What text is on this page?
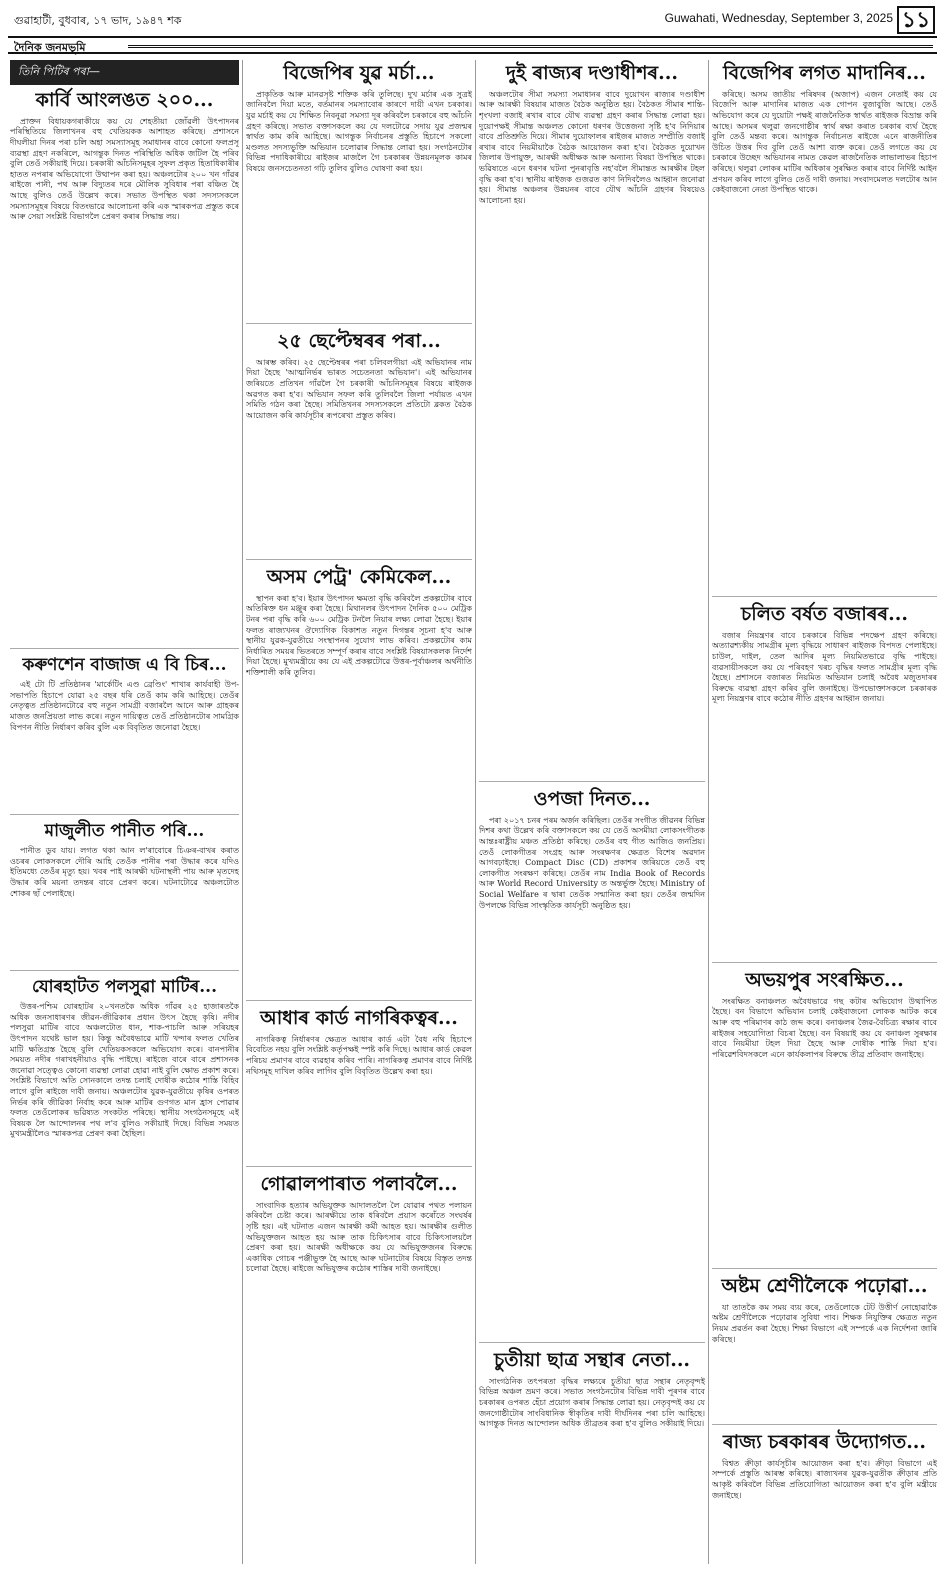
গুৱাহাটী, বুধবাৰ, ১৭ ভাদ, ১৯৪৭ শক	Guwahati, Wednesday, September 3, 2025 ১১
দৈনিক জনমভূমি
তিনি পিটিৰ পৰা—
কাৰ্বি আংলঙত ২০০...

প্ৰাক্তন বিধায়কগৰাকীয়ে কয় যে শেহতীয়া জোঁৱলী উৎপাদনৰ পৰিস্থিতিয়ে জিলাখনৰ বহু খেতিয়কক আশাহত কৰিছে। প্ৰশাসনে দীঘলীয়া দিনৰ পৰা চলি অহা সমস্যাসমূহ সমাধানৰ বাবে কোনো ফলপ্ৰসূ ব্যৱস্থা গ্ৰহণ নকৰিলে, আগন্তুক দিনত পৰিস্থিতি অধিক জটিল হৈ পৰিব বুলি তেওঁ সকীয়াই দিয়ে। চৰকাৰী আঁচনিসমূহৰ সুফল প্ৰকৃত হিতাধিকাৰীৰ হাতত নপৰাৰ অভিযোগো উত্থাপন কৰা হয়। অঞ্চলটোৰ ২০০ খন গাঁৱৰ ৰাইজে পানী, পথ আৰু বিদ্যুতৰ দৰে মৌলিক সুবিধাৰ পৰা বঞ্চিত হৈ আছে বুলিও তেওঁ উল্লেখ কৰে। সভাত উপস্থিত থকা সদস্যসকলে সমস্যাসমূহৰ বিষয়ে বিতংভাৱে আলোচনা কৰি এক স্মাৰকপত্ৰ প্ৰস্তুত কৰে আৰু সেয়া সংশ্লিষ্ট বিভাগলৈ প্ৰেৰণ কৰাৰ সিদ্ধান্ত লয়।

কৰুণশেন বাজাজ এ বি চিৰ...

এই টো টি প্ৰতিষ্ঠানৰ 'মাৰ্কেটিং এণ্ড ব্ৰেণ্ডিং' শাখাৰ কাৰ্যবাহী উপ-সভাপতি হিচাপে যোৱা ২৫ বছৰ ধৰি তেওঁ কাম কৰি আহিছে। তেওঁৰ নেতৃত্বত প্ৰতিষ্ঠানটোৱে বহু নতুন সামগ্ৰী বজাৰলৈ আনে আৰু গ্ৰাহকৰ মাজত জনপ্ৰিয়তা লাভ কৰে। নতুন দায়িত্বত তেওঁ প্ৰতিষ্ঠানটোৰ সামগ্ৰিক বিপণন নীতি নিৰ্ধাৰণ কৰিব বুলি এক বিবৃতিত জনোৱা হৈছে।

মাজুলীত পানীত পৰি...

পানীত ডুব যায়। লগত থকা আন ল'ৰাবোৰে চিঞৰ-বাখৰ কৰাত ওচৰৰ লোকসকলে দৌৰি আহি তেওঁক পানীৰ পৰা উদ্ধাৰ কৰে যদিও ইতিমধ্যে তেওঁৰ মৃত্যু হয়। খবৰ পাই আৰক্ষী ঘটনাস্থলী পায় আৰু মৃতদেহ উদ্ধাৰ কৰি ময়না তদন্তৰ বাবে প্ৰেৰণ কৰে। ঘটনাটোৱে অঞ্চলটোত শোকৰ ছাঁ পেলাইছে।

যোৰহাটত পলসুৱা মাটিৰ...

উত্তৰ-পশ্চিম যোৰহাটৰ ২০খনতকৈ অধিক গাঁৱৰ ২৫ হাজাৰতকৈ অধিক জনসাধাৰণৰ জীৱন-জীৱিকাৰ প্ৰধান উৎস হৈছে কৃষি। নদীৰ পলসুৱা মাটিৰ বাবে অঞ্চলটোত ধান, শাক-পাচলি আৰু সৰিয়হৰ উৎপাদন যথেষ্ট ভাল হয়। কিন্তু অবৈধভাৱে মাটি খন্দাৰ ফলত খেতিৰ মাটি ক্ষতিগ্ৰস্ত হৈছে বুলি খেতিয়কসকলে অভিযোগ কৰে। বানপানীৰ সময়ত নদীৰ গৰাখহনীয়াও বৃদ্ধি পাইছে। ৰাইজে বাৰে বাৰে প্ৰশাসনক জনোৱা সত্ত্বেও কোনো ব্যৱস্থা লোৱা হোৱা নাই বুলি ক্ষোভ প্ৰকাশ কৰে। সংশ্লিষ্ট বিভাগে অতি সোনকালে তদন্ত চলাই দোষীক কঠোৰ শাস্তি বিহিব লাগে বুলি ৰাইজে দাবী জনায়। অঞ্চলটোৰ যুৱক-যুৱতীয়ে কৃষিৰ ওপৰত নিৰ্ভৰ কৰি জীৱিকা নিৰ্বাহ কৰে আৰু মাটিৰ গুণগত মান হ্ৰাস পোৱাৰ ফলত তেওঁলোকৰ ভৱিষ্যত সংকটত পৰিছে। স্থানীয় সংগঠনসমূহে এই বিষয়ক লৈ আন্দোলনৰ পথ ল'ব বুলিও সকীয়াই দিছে। বিভিন্ন সময়ত মুখ্যমন্ত্ৰীলৈও স্মাৰকপত্ৰ প্ৰেৰণ কৰা হৈছিল।

বিজেপিৰ যুৱ মৰ্চা...

প্ৰাকৃতিক আৰু মানৱসৃষ্ট শক্তিক কৰি তুলিছে। দুখ মৰ্চাৰ এক সুত্ৰই জানিবলৈ দিয়া মতে, বৰ্তমানৰ সমস্যাবোৰ কাৰণে দায়ী এখন চৰকাৰ। যুৱ মৰ্চাই কয় যে শিক্ষিত নিবনুৱা সমস্যা দূৰ কৰিবলৈ চৰকাৰে বহু আঁচনি গ্ৰহণ কৰিছে। সভাত বক্তাসকলে কয় যে দলটোৱে সদায় যুৱ প্ৰজন্মৰ স্বাৰ্থত কাম কৰি আহিছে। আগন্তুক নিৰ্বাচনৰ প্ৰস্তুতি হিচাপে সকলো মণ্ডলত সদস্যভুক্তি অভিযান চলোৱাৰ সিদ্ধান্ত লোৱা হয়। সংগঠনটোৰ বিভিন্ন পদাধিকাৰীয়ে ৰাইজৰ মাজলৈ গৈ চৰকাৰৰ উন্নয়নমূলক কামৰ বিষয়ে জনসচেতনতা গঢ়ি তুলিব বুলিও ঘোষণা কৰা হয়।

২৫ ছেপ্টেম্বৰৰ পৰা...

আৰম্ভ কৰিব। ২৫ ছেপ্টেম্বৰৰ পৰা চলিবলগীয়া এই অভিযানৰ নাম দিয়া হৈছে 'আত্মনিৰ্ভৰ ভাৰত সচেতনতা অভিযান'। এই অভিযানৰ জৰিয়তে প্ৰতিখন গাঁৱলৈ গৈ চৰকাৰী আঁচনিসমূহৰ বিষয়ে ৰাইজক অৱগত কৰা হ'ব। অভিযান সফল কৰি তুলিবলৈ জিলা পৰ্যায়ত এখন সমিতি গঠন কৰা হৈছে। সমিতিখনৰ সদস্যসকলে প্ৰতিটো ব্লকত বৈঠক আয়োজন কৰি কাৰ্যসূচীৰ ৰূপৰেখা প্ৰস্তুত কৰিব।

অসম পেট্ৰ' কেমিকেল...

স্থাপন কৰা হ'ব। ইয়াৰ উৎপাদন ক্ষমতা বৃদ্ধি কৰিবলৈ প্ৰকল্পটোৰ বাবে অতিৰিক্ত ধন মঞ্জুৰ কৰা হৈছে। মিথানলৰ উৎপাদন দৈনিক ৫০০ মেট্ৰিক টনৰ পৰা বৃদ্ধি কৰি ৬০০ মেট্ৰিক টনলৈ নিয়াৰ লক্ষ্য লোৱা হৈছে। ইয়াৰ ফলত ৰাজ্যখনৰ ঔদ্যোগিক বিকাশত নতুন দিগন্তৰ সূচনা হ'ব আৰু স্থানীয় যুৱক-যুৱতীয়ে সংস্থাপনৰ সুযোগ লাভ কৰিব। প্ৰকল্পটোৰ কাম নিৰ্ধাৰিত সময়ৰ ভিতৰতে সম্পূৰ্ণ কৰাৰ বাবে সংশ্লিষ্ট বিষয়াসকলক নিৰ্দেশ দিয়া হৈছে। মুখ্যমন্ত্ৰীয়ে কয় যে এই প্ৰকল্পটোৱে উত্তৰ-পূৰ্বাঞ্চলৰ অৰ্থনীতি শক্তিশালী কৰি তুলিব।

আধাৰ কাৰ্ড নাগৰিকত্বৰ...

নাগৰিকত্ব নিৰ্ধাৰণৰ ক্ষেত্ৰত আধাৰ কাৰ্ড এটা বৈধ নথি হিচাপে বিবেচিত নহয় বুলি সংশ্লিষ্ট কৰ্তৃপক্ষই স্পষ্ট কৰি দিছে। আধাৰ কাৰ্ড কেৱল পৰিচয় প্ৰমাণৰ বাবে ব্যৱহাৰ কৰিব পাৰি। নাগৰিকত্ব প্ৰমাণৰ বাবে নিৰ্দিষ্ট নথিসমূহ দাখিল কৰিব লাগিব বুলি বিবৃতিত উল্লেখ কৰা হয়।

গোৱালপাৰাত পলাবলৈ...

সাংবাদিক হত্যাৰ অভিযুক্তক আদালতলৈ লৈ যোৱাৰ পথত পলায়ন কৰিবলৈ চেষ্টা কৰে। আৰক্ষীয়ে তাক ধৰিবলৈ প্ৰয়াস কৰোঁতে সংঘৰ্ষৰ সৃষ্টি হয়। এই ঘটনাত এজন আৰক্ষী কৰ্মী আহত হয়। আৰক্ষীৰ গুলীত অভিযুক্তজন আহত হয় আৰু তাক চিকিৎসাৰ বাবে চিকিৎসালয়লৈ প্ৰেৰণ কৰা হয়। আৰক্ষী অধীক্ষকে কয় যে অভিযুক্তজনৰ বিৰুদ্ধে একাধিক গোচৰ পঞ্জীভুক্ত হৈ আছে আৰু ঘটনাটোৰ বিষয়ে বিস্তৃত তদন্ত চলোৱা হৈছে। ৰাইজে অভিযুক্তৰ কঠোৰ শাস্তিৰ দাবী জনাইছে।

দুই ৰাজ্যৰ দণ্ডাধীশৰ...

অঞ্চলটোৰ সীমা সমস্যা সমাধানৰ বাবে দুয়োখন ৰাজ্যৰ দণ্ডাধীশ আৰু আৰক্ষী বিষয়াৰ মাজত বৈঠক অনুষ্ঠিত হয়। বৈঠকত সীমাৰ শান্তি-শৃংখলা বজাই ৰখাৰ বাবে যৌথ ব্যৱস্থা গ্ৰহণ কৰাৰ সিদ্ধান্ত লোৱা হয়। দুয়োপক্ষই সীমান্ত অঞ্চলত কোনো ধৰণৰ উত্তেজনা সৃষ্টি হ'ব নিদিয়াৰ বাবে প্ৰতিশ্ৰুতি দিয়ে। সীমাৰ দুয়োফালৰ ৰাইজৰ মাজত সম্প্ৰীতি বজাই ৰখাৰ বাবে নিয়মীয়াকৈ বৈঠক আয়োজন কৰা হ'ব। বৈঠকত দুয়োখন জিলাৰ উপায়ুক্ত, আৰক্ষী অধীক্ষক আৰু অন্যান্য বিষয়া উপস্থিত থাকে। ভৱিষ্যতে এনে ধৰণৰ ঘটনা পুনৰাবৃত্তি নহ'বলৈ সীমান্তত আৰক্ষীৰ টহল বৃদ্ধি কৰা হ'ব। স্থানীয় ৰাইজক গুজৱত কাণ নিদিবলৈও আহ্বান জনোৱা হয়। সীমান্ত অঞ্চলৰ উন্নয়নৰ বাবে যৌথ আঁচনি গ্ৰহণৰ বিষয়েও আলোচনা হয়।

ওপজা দিনত...

পৰা ২০১৭ চনৰ পৰম অৰ্জন কৰিছিল। তেওঁৰ সংগীত জীৱনৰ বিভিন্ন দিশৰ কথা উল্লেখ কৰি বক্তাসকলে কয় যে তেওঁ অসমীয়া লোকসংগীতক আন্তঃৰাষ্ট্ৰীয় মঞ্চত প্ৰতিষ্ঠা কৰিছে। তেওঁৰ বহু গীত আজিও জনপ্ৰিয়। তেওঁ লোকগীতৰ সংগ্ৰহ আৰু সংৰক্ষণৰ ক্ষেত্ৰত বিশেষ অৱদান আগবঢ়াইছে। Compact Disc (CD) প্ৰকাশৰ জৰিয়তে তেওঁ বহু লোকগীত সংৰক্ষণ কৰিছে। তেওঁৰ নাম India Book of Records আৰু World Record University ত অন্তৰ্ভুক্ত হৈছে। Ministry of Social Welfare ৰ দ্বাৰা তেওঁক সন্মানিত কৰা হয়। তেওঁৰ জন্মদিন উপলক্ষে বিভিন্ন সাংস্কৃতিক কাৰ্যসূচী অনুষ্ঠিত হয়।

চুতীয়া ছাত্ৰ সন্থাৰ নেতা...

সাংগঠনিক তৎপৰতা বৃদ্ধিৰ লক্ষ্যৰে চুতীয়া ছাত্ৰ সন্থাৰ নেতৃবৃন্দই বিভিন্ন অঞ্চল ভ্ৰমণ কৰে। সভাত সংগঠনটোৰ বিভিন্ন দাবী পূৰণৰ বাবে চৰকাৰৰ ওপৰত হেঁচা প্ৰয়োগ কৰাৰ সিদ্ধান্ত লোৱা হয়। নেতৃবৃন্দই কয় যে জনগোষ্ঠীটোৰ সাংবিধানিক স্বীকৃতিৰ দাবী দীৰ্ঘদিনৰ পৰা চলি আহিছে। আগন্তুক দিনত আন্দোলন অধিক তীব্ৰতৰ কৰা হ'ব বুলিও সকীয়াই দিয়ে।

বিজেপিৰ লগত মাদানিৰ...

কৰিছে। অসম জাতীয় পৰিষদৰ (অজাপ) এজন নেতাই কয় যে বিজেপি আৰু মাদানিৰ মাজত এক গোপন বুজাবুজি আছে। তেওঁ অভিযোগ কৰে যে দুয়োটা পক্ষই ৰাজনৈতিক স্বাৰ্থত ৰাইজক বিভ্ৰান্ত কৰি আছে। অসমৰ থলুৱা জনগোষ্ঠীৰ স্বাৰ্থ ৰক্ষা কৰাত চৰকাৰ ব্যৰ্থ হৈছে বুলি তেওঁ মন্তব্য কৰে। আগন্তুক নিৰ্বাচনত ৰাইজে এনে ৰাজনীতিৰ উচিত উত্তৰ দিব বুলি তেওঁ আশা ব্যক্ত কৰে। তেওঁ লগতে কয় যে চৰকাৰে উচ্ছেদ অভিযানৰ নামত কেৱল ৰাজনৈতিক লাভালাভৰ হিচাপ কৰিছে। থলুৱা লোকৰ মাটিৰ অধিকাৰ সুৰক্ষিত কৰাৰ বাবে নিৰ্দিষ্ট আইন প্ৰণয়ন কৰিব লাগে বুলিও তেওঁ দাবী জনায়। সংবাদমেলত দলটোৰ আন কেইবাজনো নেতা উপস্থিত থাকে।

চলিত বৰ্ষত বজাৰৰ...

বজাৰ নিয়ন্ত্ৰণৰ বাবে চৰকাৰে বিভিন্ন পদক্ষেপ গ্ৰহণ কৰিছে। অত্যাৱশ্যকীয় সামগ্ৰীৰ মূল্য বৃদ্ধিয়ে সাধাৰণ ৰাইজক বিপদত পেলাইছে। চাউল, দাইল, তেল আদিৰ মূল্য নিয়মিতভাৱে বৃদ্ধি পাইছে। ব্যৱসায়ীসকলে কয় যে পৰিবহণ খৰচ বৃদ্ধিৰ ফলত সামগ্ৰীৰ মূল্য বৃদ্ধি হৈছে। প্ৰশাসনে বজাৰত নিয়মিত অভিযান চলাই অবৈধ মজুতদাৰৰ বিৰুদ্ধে ব্যৱস্থা গ্ৰহণ কৰিব বুলি জনাইছে। উপভোক্তাসকলে চৰকাৰক মূল্য নিয়ন্ত্ৰণৰ বাবে কঠোৰ নীতি গ্ৰহণৰ আহ্বান জনায়।

অভয়পুৰ সংৰক্ষিত...

সংৰক্ষিত বনাঞ্চলত অবৈধভাৱে গছ কটাৰ অভিযোগ উত্থাপিত হৈছে। বন বিভাগে অভিযান চলাই কেইবাজনো লোকক আটক কৰে আৰু বহু পৰিমাণৰ কাঠ জব্দ কৰে। বনাঞ্চলৰ জৈৱ-বৈচিত্ৰ্য ৰক্ষাৰ বাবে ৰাইজৰ সহযোগিতা বিচৰা হৈছে। বন বিষয়াই কয় যে বনাঞ্চল সুৰক্ষাৰ বাবে নিয়মীয়া টহল দিয়া হৈছে আৰু দোষীক শাস্তি দিয়া হ'ব। পৰিৱেশবিদসকলে এনে কাৰ্যকলাপৰ বিৰুদ্ধে তীব্ৰ প্ৰতিবাদ জনাইছে।

অষ্টম শ্ৰেণীলৈকে পঢ়োৱা...

যা তাতকৈ কম সময় ব্যয় কৰে, তেওঁলোকে টেট উত্তীৰ্ণ নোহোৱাকৈ অষ্টম শ্ৰেণীলৈকে পঢ়োৱাৰ সুবিধা পাব। শিক্ষক নিযুক্তিৰ ক্ষেত্ৰত নতুন নিয়ম প্ৰৱৰ্তন কৰা হৈছে। শিক্ষা বিভাগে এই সম্পৰ্কে এক নিৰ্দেশনা জাৰি কৰিছে।

ৰাজ্য চৰকাৰৰ উদ্যোগত...

বিশ্বত ক্ৰীড়া কাৰ্যসূচীৰ আয়োজন কৰা হ'ব। ক্ৰীড়া বিভাগে এই সম্পৰ্কে প্ৰস্তুতি আৰম্ভ কৰিছে। ৰাজ্যখনৰ যুৱক-যুৱতীক ক্ৰীড়াৰ প্ৰতি আকৃষ্ট কৰিবলৈ বিভিন্ন প্ৰতিযোগিতা আয়োজন কৰা হ'ব বুলি মন্ত্ৰীয়ে জনাইছে।
